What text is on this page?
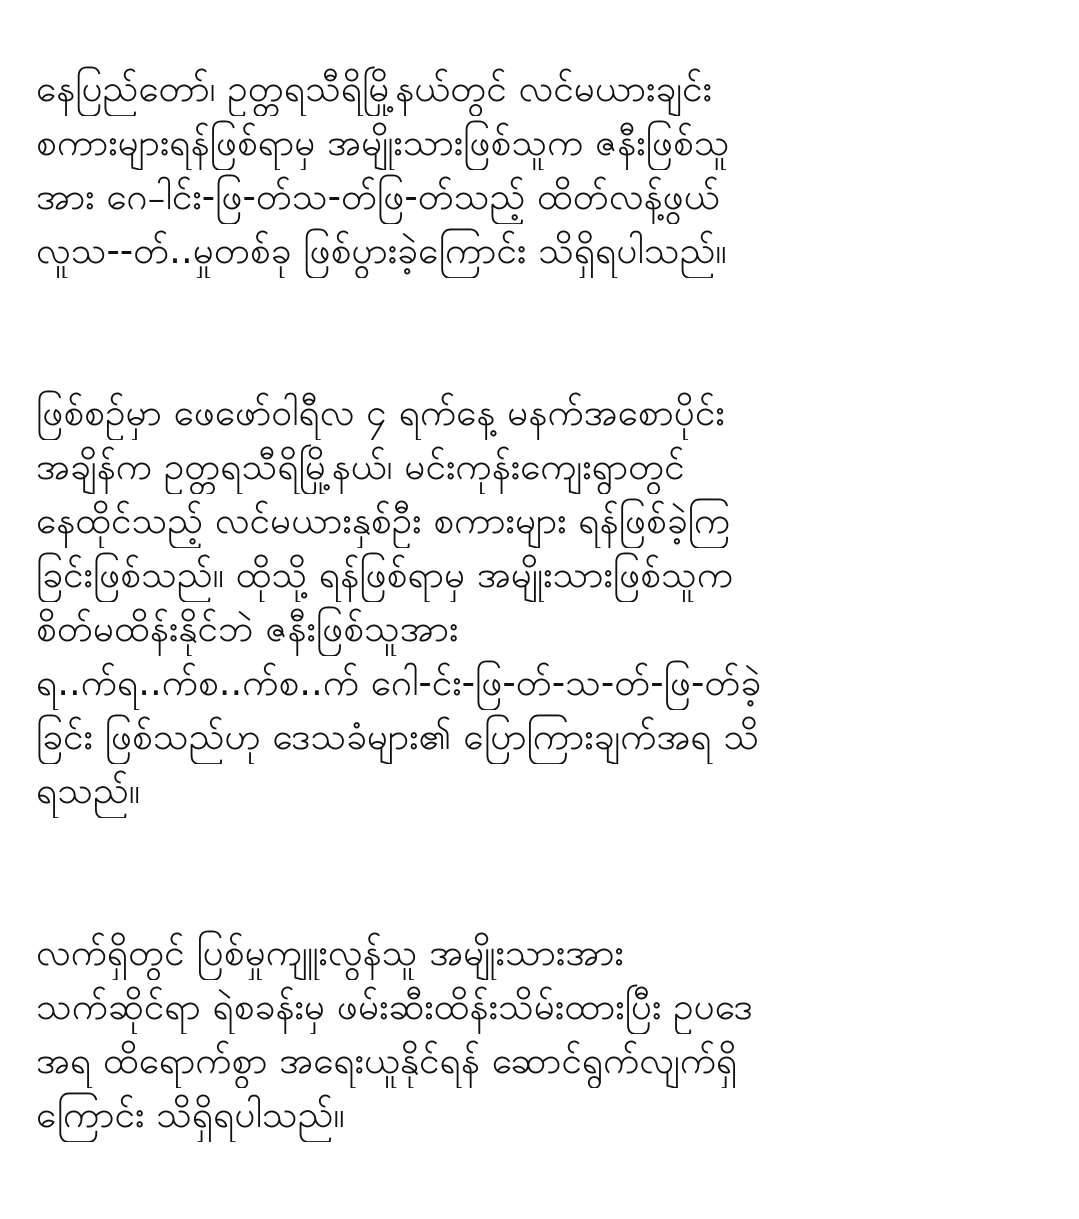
နေပြည်တော်၊ ဥတ္တရသီရိမြို့နယ်တွင် လင်မယားချင်း
စကားများရန်ဖြစ်ရာမှ အမျိုးသားဖြစ်သူက ဇနီးဖြစ်သူ
အား ဂေ-ါင်း-ဖြ-တ်သ-တ်ဖြ-တ်သည့် ထိတ်လန့်ဖွယ်
လူသ--တ်..မှုတစ်ခု ဖြစ်ပွားခဲ့ကြောင်း သိရှိရပါသည်။

ဖြစ်စဉ်မှာ ဖေဖော်ဝါရီလ ၄ ရက်နေ့ မနက်အစောပိုင်း
အချိန်က ဥတ္တရသီရိမြို့နယ်၊ မင်းကုန်းကျေးရွာတွင်
နေထိုင်သည့် လင်မယားနှစ်ဦး စကားများ ရန်ဖြစ်ခဲ့ကြ
ခြင်းဖြစ်သည်။ ထိုသို့ ရန်ဖြစ်ရာမှ အမျိုးသားဖြစ်သူက
စိတ်မထိန်းနိုင်ဘဲ ဇနီးဖြစ်သူအား
ရ..က်ရ..က်စ..က်စ..က် ဂေါ-င်း-ဖြ-တ်-သ-တ်-ဖြ-တ်ခဲ့
ခြင်း ဖြစ်သည်ဟု ဒေသခံများ၏ ပြောကြားချက်အရ သိ
ရသည်။

လက်ရှိတွင် ပြစ်မှုကျူးလွန်သူ အမျိုးသားအား
သက်ဆိုင်ရာ ရဲစခန်းမှ ဖမ်းဆီးထိန်းသိမ်းထားပြီး ဥပဒေ
အရ ထိရောက်စွာ အရေးယူနိုင်ရန် ဆောင်ရွက်လျက်ရှိ
ကြောင်း သိရှိရပါသည်။
